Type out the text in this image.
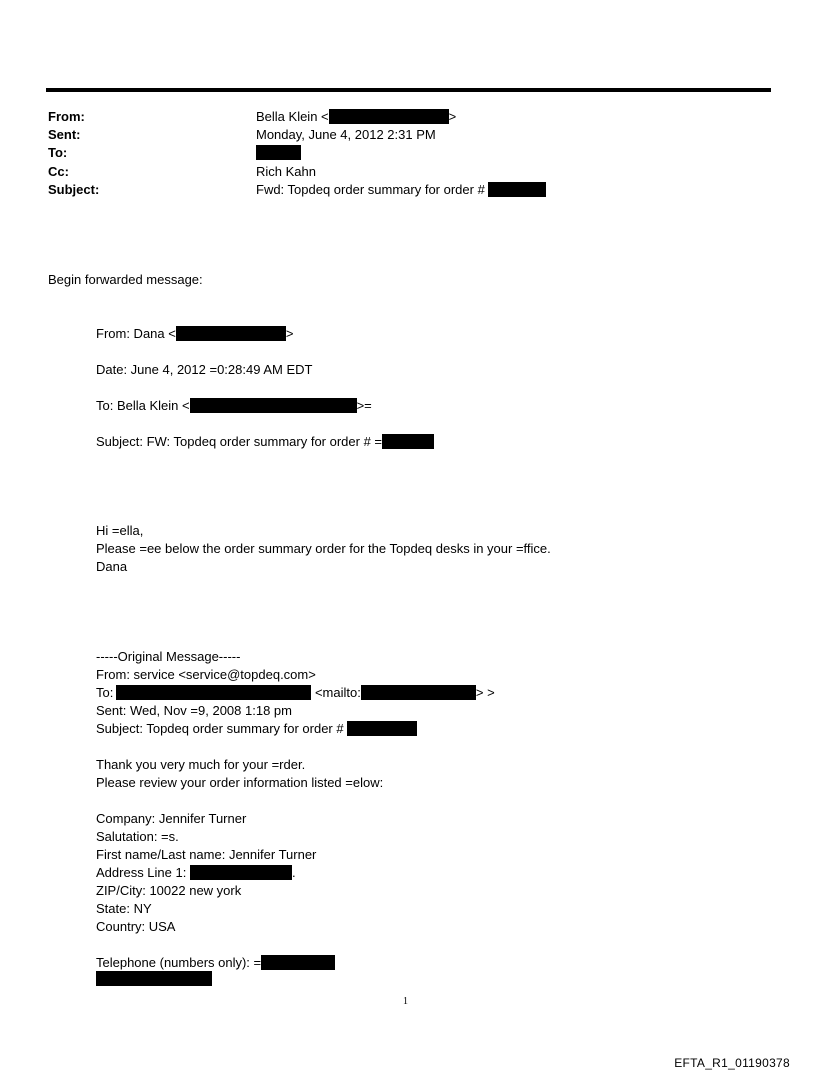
From:	Bella Klein <	>
Sent:	Monday, June 4, 2012 2:31 PM
To:
Cc:	Rich Kahn
Subject:	Fwd: Topdeq order summary for order #
Begin forwarded message:
From: Dana <	>
Date: June 4, 2012 =0:28:49 AM EDT
To: Bella Klein <	>=
Subject: FW: Topdeq order summary for order # =
Hi =ella,
Please =ee below the order summary order for the Topdeq desks in your =ffice.
Dana
-----Original Message-----
From: service <service@topdeq.com>
To:	<mailto:	> >
Sent: Wed, Nov =9, 2008 1:18 pm
Subject: Topdeq order summary for order #
Thank you very much for your =rder.
Please review your order information listed =elow:
Company: Jennifer Turner
Salutation: =s.
First name/Last name: Jennifer Turner
Address Line 1:	.
ZIP/City: 10022 new york
State: NY
Country: USA
Telephone (numbers only): =
1
EFTA_R1_01190378
